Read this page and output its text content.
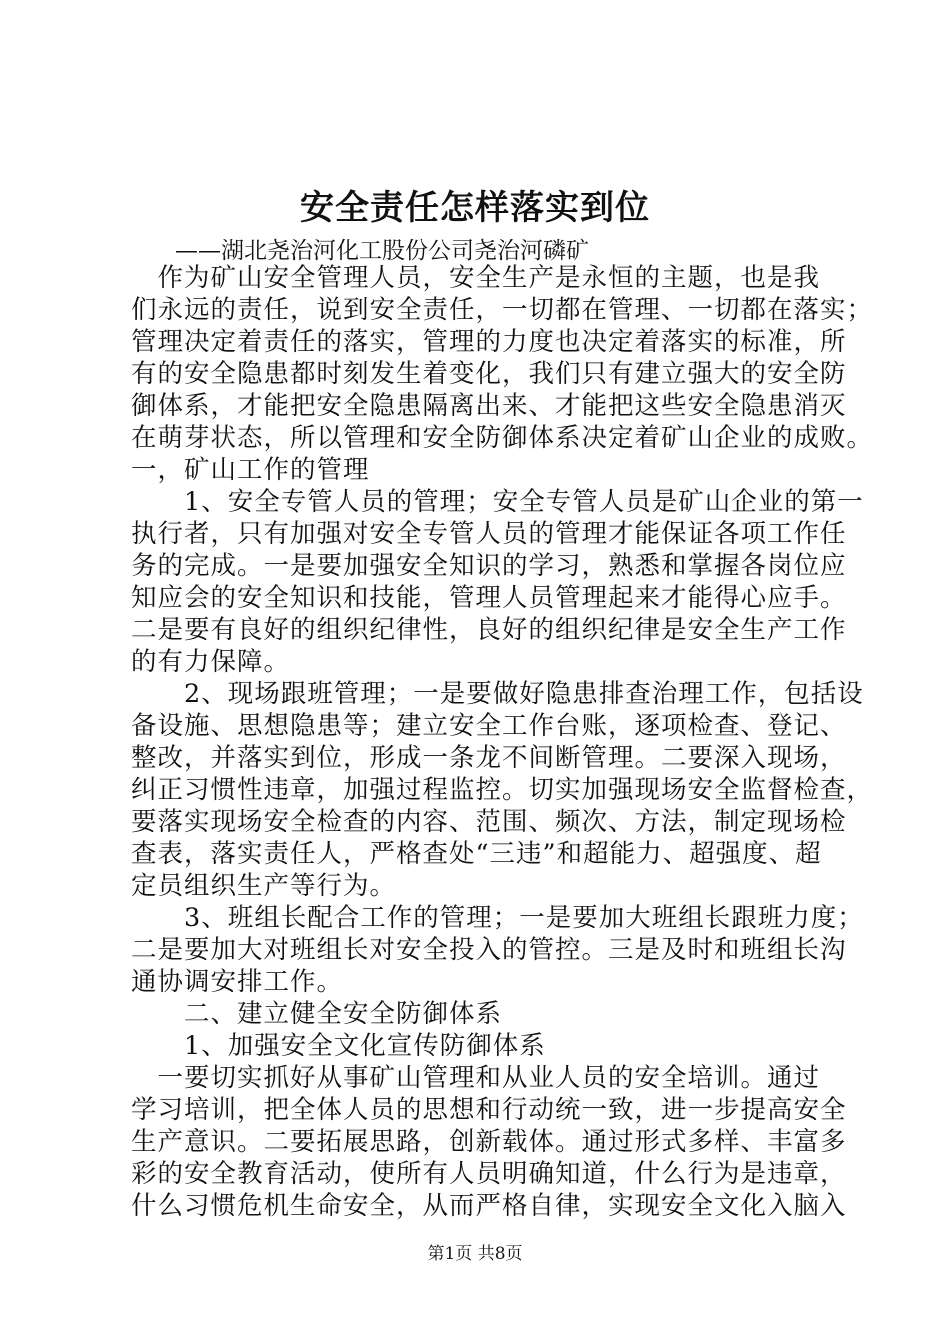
安全责任怎样落实到位
——湖北尧治河化工股份公司尧治河磷矿
　作为矿山安全管理人员，安全生产是永恒的主题，也是我
们永远的责任，说到安全责任，一切都在管理、一切都在落实；
管理决定着责任的落实，管理的力度也决定着落实的标准，所
有的安全隐患都时刻发生着变化，我们只有建立强大的安全防
御体系，才能把安全隐患隔离出来、才能把这些安全隐患消灭
在萌芽状态，所以管理和安全防御体系决定着矿山企业的成败。
一，矿山工作的管理
　　1、安全专管人员的管理；安全专管人员是矿山企业的第一
执行者，只有加强对安全专管人员的管理才能保证各项工作任
务的完成。一是要加强安全知识的学习，熟悉和掌握各岗位应
知应会的安全知识和技能，管理人员管理起来才能得心应手。
二是要有良好的组织纪律性，良好的组织纪律是安全生产工作
的有力保障。
　　2、现场跟班管理；一是要做好隐患排查治理工作，包括设
备设施、思想隐患等；建立安全工作台账，逐项检查、登记、
整改，并落实到位，形成一条龙不间断管理。二要深入现场，
纠正习惯性违章，加强过程监控。切实加强现场安全监督检查，
要落实现场安全检查的内容、范围、频次、方法，制定现场检
查表，落实责任人，严格查处“三违”和超能力、超强度、超
定员组织生产等行为。
　　3、班组长配合工作的管理；一是要加大班组长跟班力度；
二是要加大对班组长对安全投入的管控。三是及时和班组长沟
通协调安排工作。
　　二、建立健全安全防御体系
　　1、加强安全文化宣传防御体系
　一要切实抓好从事矿山管理和从业人员的安全培训。通过
学习培训，把全体人员的思想和行动统一致，进一步提高安全
生产意识。二要拓展思路，创新载体。通过形式多样、丰富多
彩的安全教育活动，使所有人员明确知道，什么行为是违章，
什么习惯危机生命安全，从而严格自律，实现安全文化入脑入
第1页 共8页
